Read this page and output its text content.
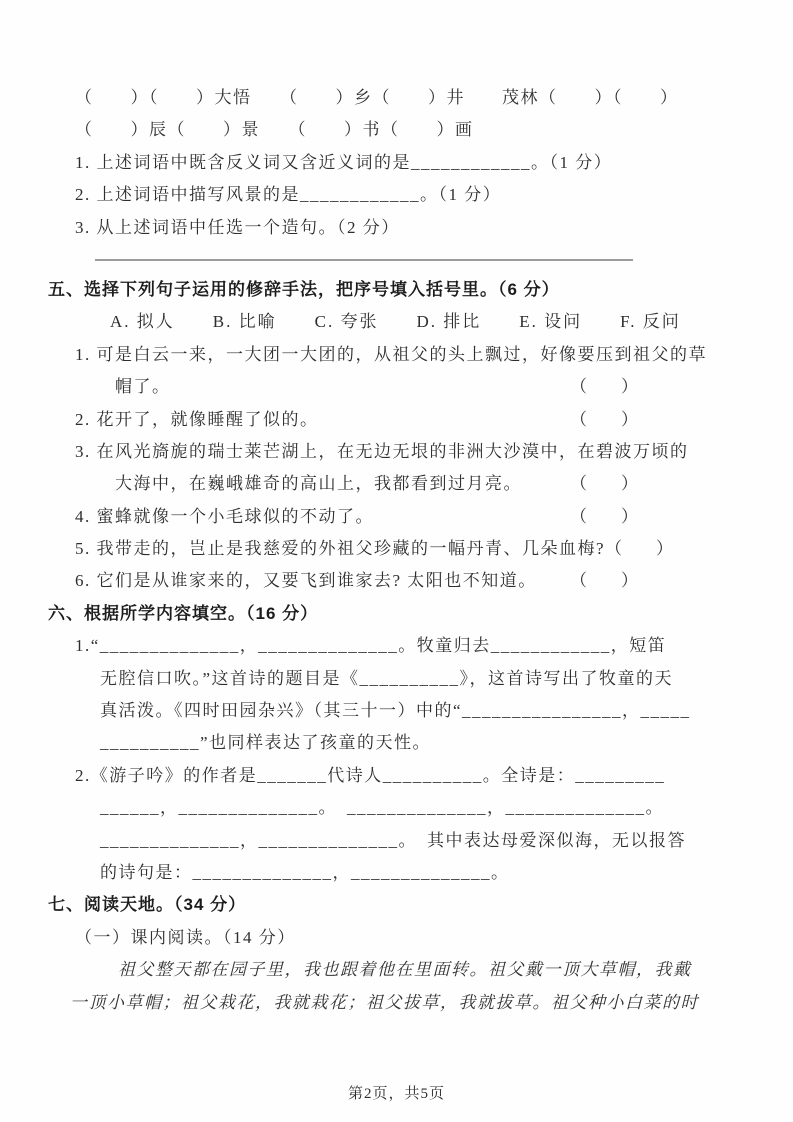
（　　）（　　）大悟　　（　　）乡（　　）井　　茂林（　　）（　　）
（　　）辰（　　）景　　（　　）书（　　）画
1. 上述词语中既含反义词又含近义词的是____________。（1 分）
2. 上述词语中描写风景的是____________。（1 分）
3. 从上述词语中任选一个造句。（2 分）
五、选择下列句子运用的修辞手法，把序号填入括号里。（6 分）
A. 拟人　　B. 比喻　　C. 夸张　　D. 排比　　E. 设问　　F. 反问
1. 可是白云一来，一大团一大团的，从祖父的头上飘过，好像要压到祖父的草
帽了。	（　　）
2. 花开了，就像睡醒了似的。	（　　）
3. 在风光旖旎的瑞士莱芒湖上，在无边无垠的非洲大沙漠中，在碧波万顷的
大海中，在巍峨雄奇的高山上，我都看到过月亮。	（　　）
4. 蜜蜂就像一个小毛球似的不动了。	（　　）
5. 我带走的，岂止是我慈爱的外祖父珍藏的一幅丹青、几朵血梅? （　　）
6. 它们是从谁家来的，又要飞到谁家去? 太阳也不知道。	（　　）
六、根据所学内容填空。（16 分）
1.“______________，______________。牧童归去____________，短笛
无腔信口吹。”这首诗的题目是《__________》，这首诗写出了牧童的天
真活泼。《四时田园杂兴》（其三十一）中的“________________，_____
__________”也同样表达了孩童的天性。
2.《游子吟》的作者是_______代诗人__________。全诗是：_________
______，______________。　______________，______________。
______________，______________。　其中表达母爱深似海，无以报答
的诗句是：______________，______________。
七、阅读天地。（34 分）
（一）课内阅读。（14 分）
祖父整天都在园子里，我也跟着他在里面转。祖父戴一顶大草帽，我戴
一顶小草帽；祖父栽花，我就栽花；祖父拔草，我就拔草。祖父种小白菜的时
第2页，共5页
